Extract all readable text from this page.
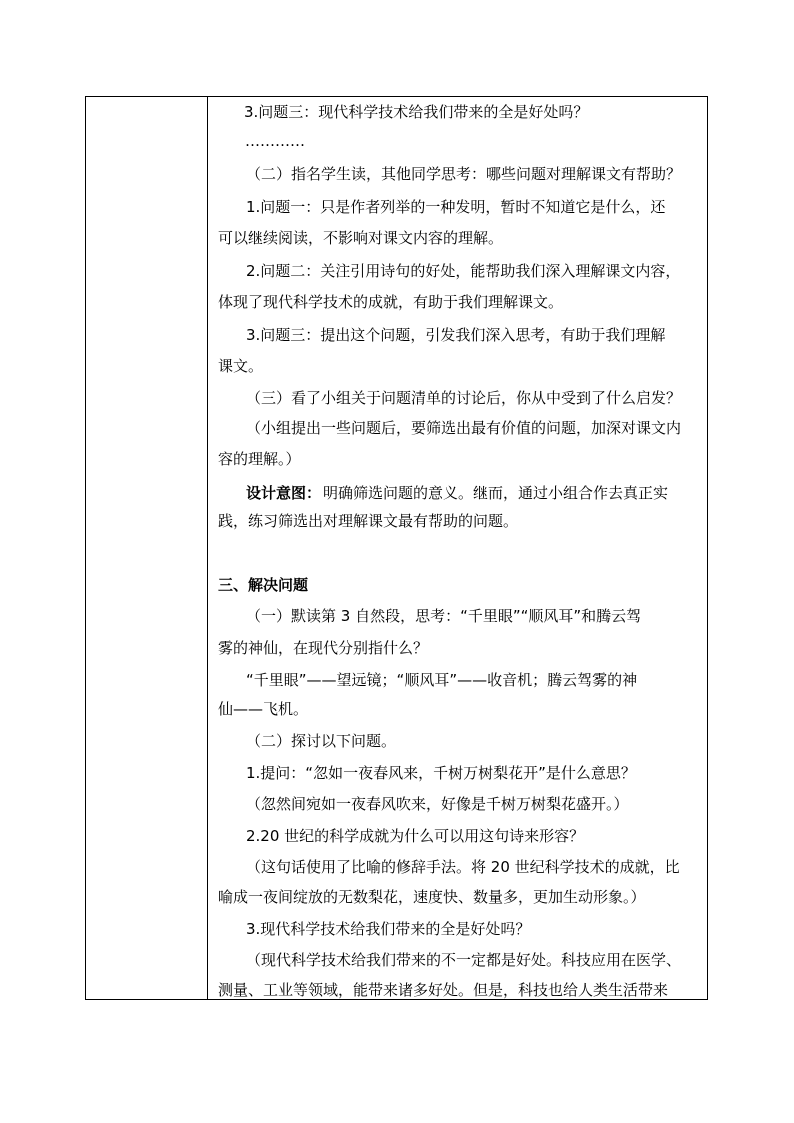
3.问题三：现代科学技术给我们带来的全是好处吗？
…………
（二）指名学生读，其他同学思考：哪些问题对理解课文有帮助？
1.问题一：只是作者列举的一种发明，暂时不知道它是什么，还
可以继续阅读，不影响对课文内容的理解。
2.问题二：关注引用诗句的好处，能帮助我们深入理解课文内容，
体现了现代科学技术的成就，有助于我们理解课文。
3.问题三：提出这个问题，引发我们深入思考，有助于我们理解
课文。
（三）看了小组关于问题清单的讨论后，你从中受到了什么启发？
（小组提出一些问题后，要筛选出最有价值的问题，加深对课文内
容的理解。）
设计意图： 明确筛选问题的意义。继而，通过小组合作去真正实
践，练习筛选出对理解课文最有帮助的问题。
三、解决问题
（一）默读第 3 自然段，思考：“千里眼”“顺风耳”和腾云驾
雾的神仙，在现代分别指什么？
“千里眼”——望远镜；“顺风耳”——收音机；腾云驾雾的神
仙——飞机。
（二）探讨以下问题。
1.提问：“忽如一夜春风来，千树万树梨花开”是什么意思？
（忽然间宛如一夜春风吹来，好像是千树万树梨花盛开。）
2.20 世纪的科学成就为什么可以用这句诗来形容？
（这句话使用了比喻的修辞手法。将 20 世纪科学技术的成就，比
喻成一夜间绽放的无数梨花，速度快、数量多，更加生动形象。）
3.现代科学技术给我们带来的全是好处吗？
（现代科学技术给我们带来的不一定都是好处。科技应用在医学、
测量、工业等领域，能带来诸多好处。但是，科技也给人类生活带来
